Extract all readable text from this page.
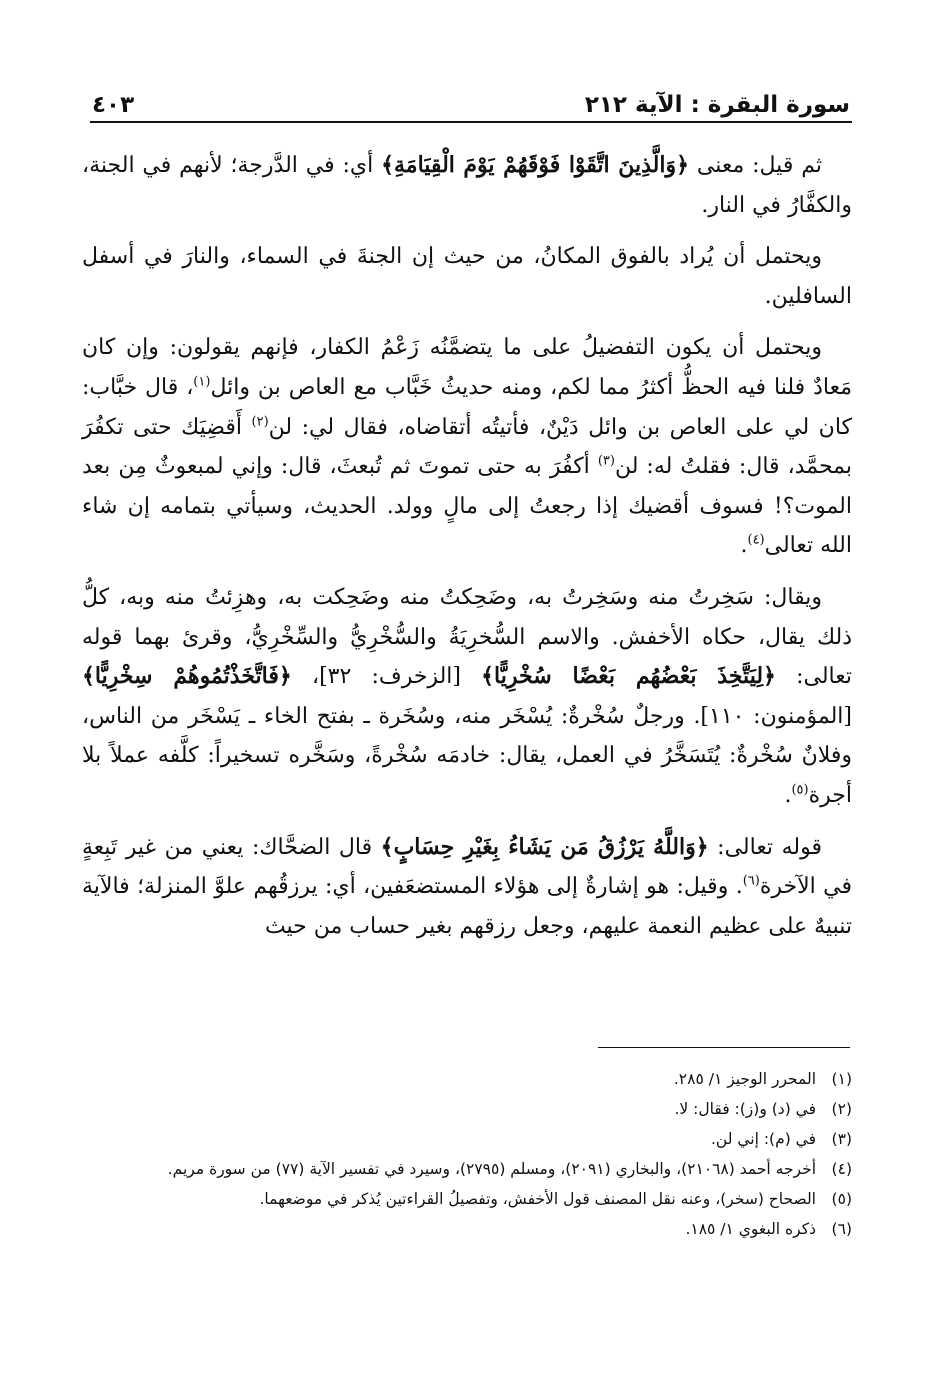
سورة البقرة : الآية ٢١٢
٤٠٣

ثم قيل: معنى ﴿وَالَّذِينَ اتَّقَوْا فَوْقَهُمْ يَوْمَ الْقِيَامَةِ﴾ أي: في الدَّرجة؛ لأنهم في الجنة، والكفَّارُ في النار.

ويحتمل أن يُراد بالفوق المكانُ، من حيث إن الجنةَ في السماء، والنارَ في أسفل السافلين.

ويحتمل أن يكون التفضيلُ على ما يتضمَّنُه زَعْمُ الكفار، فإنهم يقولون: وإن كان مَعادٌ فلنا فيه الحظُّ أكثرُ مما لكم، ومنه حديثُ خَبَّاب مع العاص بن وائل$^{(١)}$، قال خبَّاب: كان لي على العاص بن وائل دَيْنٌ، فأتيتُه أتقاضاه، فقال لي: لن$^{(٢)}$ أَقضِيَك حتى تكفُرَ بمحمَّد، قال: فقلتُ له: لن$^{(٣)}$ أكفُرَ به حتى تموتَ ثم تُبعثَ، قال: وإني لمبعوثٌ مِن بعد الموت؟! فسوف أقضيك إذا رجعتُ إلى مالٍ وولد. الحديث، وسيأتي بتمامه إن شاء الله تعالى$^{(٤)}$.

ويقال: سَخِرتُ منه وسَخِرتُ به، وضَحِكتُ منه وضَحِكت به، وهزِئتُ منه وبه، كلُّ ذلك يقال، حكاه الأخفش. والاسم السُّخرِيَةُ والسُّخْرِيُّ والسِّخْرِيُّ، وقرئ بهما قوله تعالى: ﴿لِيَتَّخِذَ بَعْضُهُم بَعْضًا سُخْرِيًّا﴾ [الزخرف: ٣٢]، ﴿فَاتَّخَذْتُمُوهُمْ سِخْرِيًّا﴾ [المؤمنون: ١١٠]. ورجلٌ سُخْرةٌ: يُسْخَر منه، وسُخَرة ـ بفتح الخاء ـ يَسْخَر من الناس، وفلانٌ سُخْرةٌ: يُتَسَخَّرُ في العمل، يقال: خادمَه سُخْرةً، وسَخَّره تسخيراً: كلَّفه عملاً بلا أجرة$^{(٥)}$.

قوله تعالى: ﴿وَاللَّهُ يَرْزُقُ مَن يَشَاءُ بِغَيْرِ حِسَابٍ﴾ قال الضحَّاك: يعني من غير تَبِعةٍ في الآخرة$^{(٦)}$. وقيل: هو إشارةٌ إلى هؤلاء المستضعَفين، أي: يرزقُهم علوَّ المنزلة؛ فالآية تنبيهٌ على عظيم النعمة عليهم، وجعل رزقهم بغير حساب من حيث

(١)
المحرر الوجيز ١/ ٢٨٥.
(٢)
في (د) و(ز): فقال: لا.
(٣)
في (م): إني لن.
(٤)
أخرجه أحمد (٢١٠٦٨)، والبخاري (٢٠٩١)، ومسلم (٢٧٩٥)، وسيرد في تفسير الآية (٧٧) من سورة مريم.
(٥)
الصحاح (سخر)، وعنه نقل المصنف قول الأخفش، وتفصيلُ القراءتين يُذكر في موضعهما.
(٦)
ذكره البغوي ١/ ١٨٥.
